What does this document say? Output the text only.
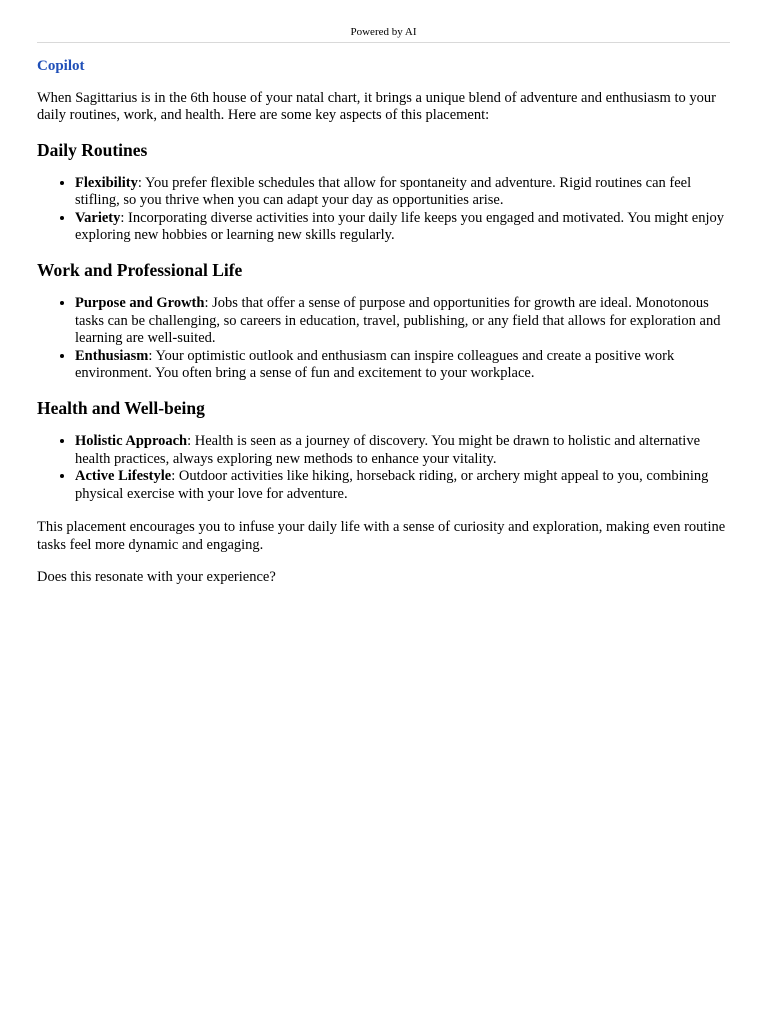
Powered by AI
Copilot

When Sagittarius is in the 6th house of your natal chart, it brings a unique blend of adventure and enthusiasm to your daily routines, work, and health. Here are some key aspects of this placement:

Daily Routines
• Flexibility: You prefer flexible schedules that allow for spontaneity and adventure. Rigid routines can feel stifling, so you thrive when you can adapt your day as opportunities arise.
• Variety: Incorporating diverse activities into your daily life keeps you engaged and motivated. You might enjoy exploring new hobbies or learning new skills regularly.
Work and Professional Life
• Purpose and Growth: Jobs that offer a sense of purpose and opportunities for growth are ideal. Monotonous tasks can be challenging, so careers in education, travel, publishing, or any field that allows for exploration and learning are well-suited.
• Enthusiasm: Your optimistic outlook and enthusiasm can inspire colleagues and create a positive work environment. You often bring a sense of fun and excitement to your workplace.
Health and Well-being
• Holistic Approach: Health is seen as a journey of discovery. You might be drawn to holistic and alternative health practices, always exploring new methods to enhance your vitality.
• Active Lifestyle: Outdoor activities like hiking, horseback riding, or archery might appeal to you, combining physical exercise with your love for adventure.

This placement encourages you to infuse your daily life with a sense of curiosity and exploration, making even routine tasks feel more dynamic and engaging.

Does this resonate with your experience?
